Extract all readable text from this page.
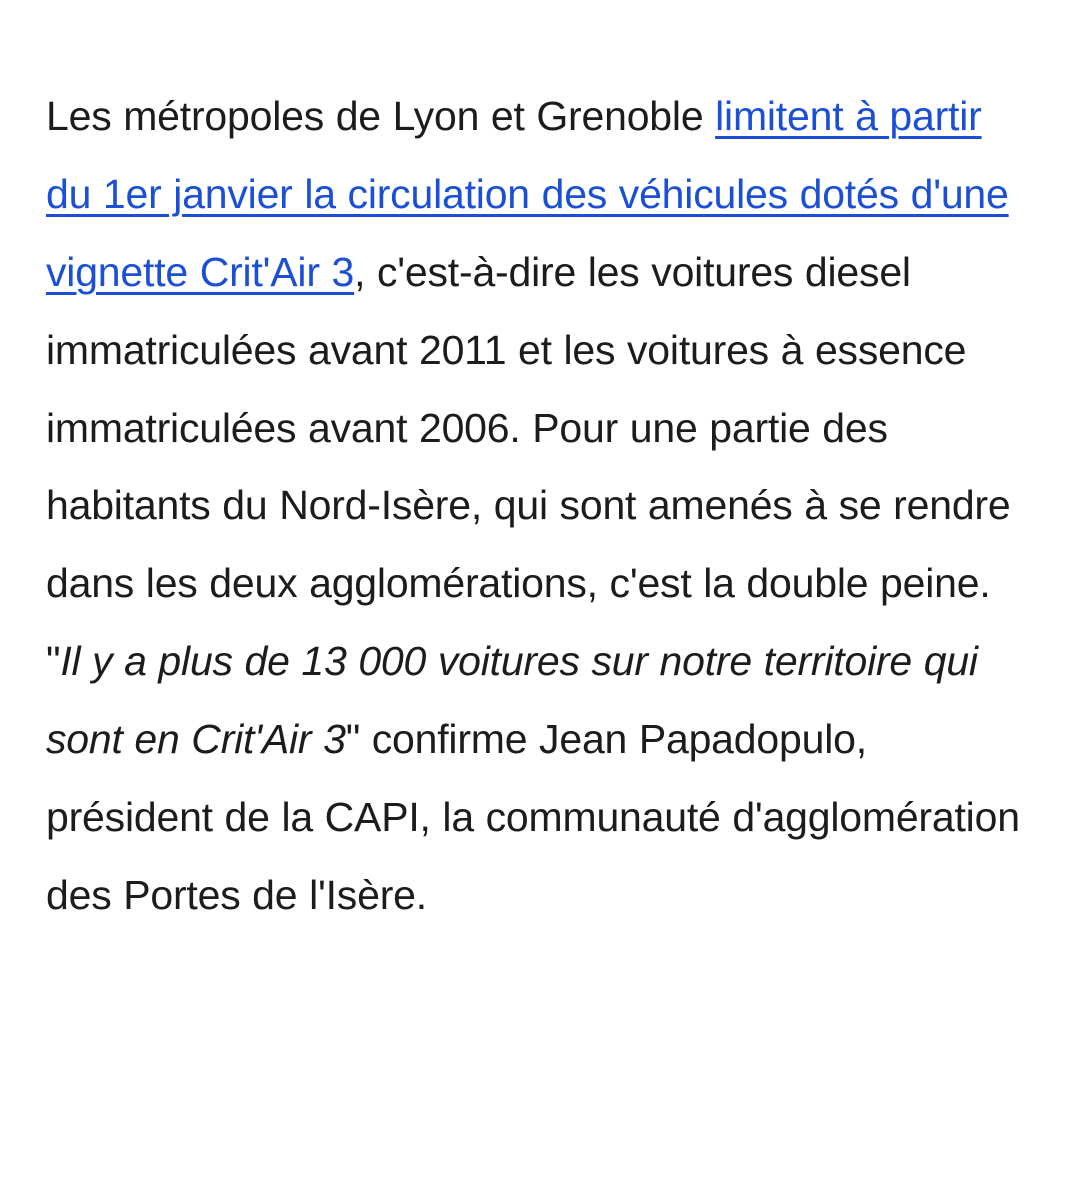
Les métropoles de Lyon et Grenoble limitent à partir du 1er janvier la circulation des véhicules dotés d'une vignette Crit'Air 3, c'est-à-dire les voitures diesel immatriculées avant 2011 et les voitures à essence immatriculées avant 2006. Pour une partie des habitants du Nord-Isère, qui sont amenés à se rendre dans les deux agglomérations, c'est la double peine. "Il y a plus de 13 000 voitures sur notre territoire qui sont en Crit'Air 3" confirme Jean Papadopulo, président de la CAPI, la communauté d'agglomération des Portes de l'Isère.
